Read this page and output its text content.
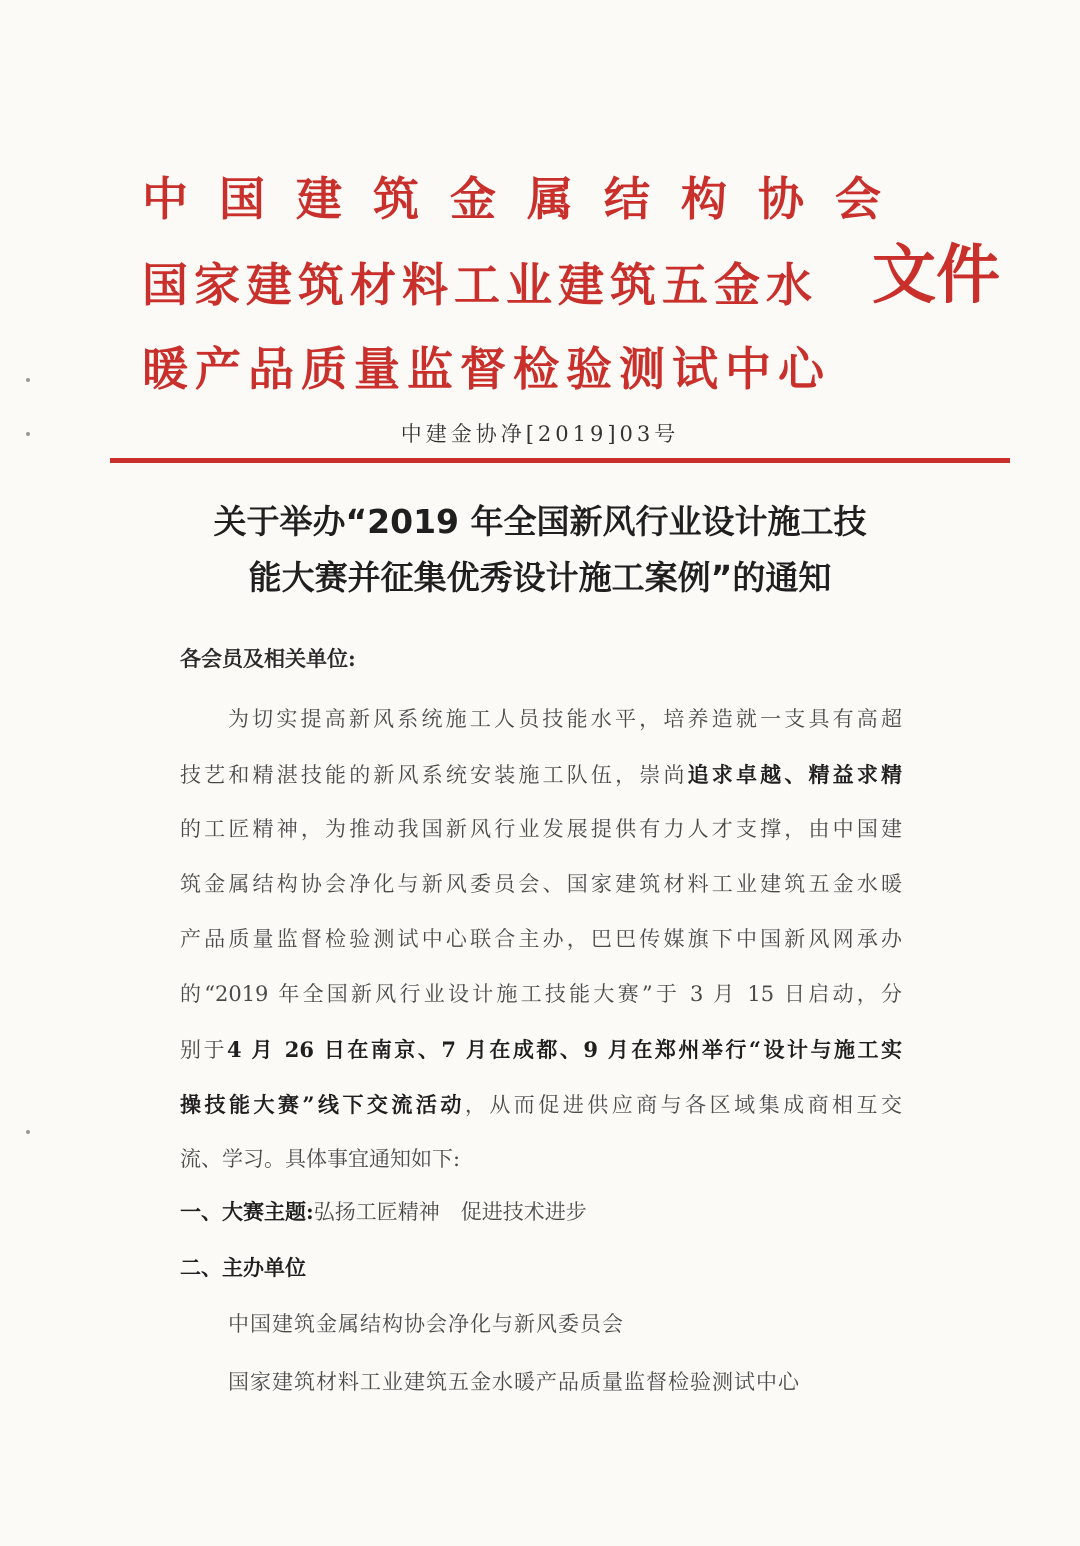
中国建筑金属结构协会
国家建筑材料工业建筑五金水
暖产品质量监督检验测试中心
文件
中建金协净[2019]03号
关于举办“2019 年全国新风行业设计施工技
能大赛并征集优秀设计施工案例”的通知
各会员及相关单位:
为切实提高新风系统施工人员技能水平，培养造就一支具有高超
技艺和精湛技能的新风系统安装施工队伍，崇尚追求卓越、精益求精
的工匠精神，为推动我国新风行业发展提供有力人才支撑，由中国建
筑金属结构协会净化与新风委员会、国家建筑材料工业建筑五金水暖
产品质量监督检验测试中心联合主办，巴巴传媒旗下中国新风网承办
的“2019 年全国新风行业设计施工技能大赛”于 3 月 15 日启动，分
别于4 月 26 日在南京、7 月在成都、9 月在郑州举行“设计与施工实
操技能大赛”线下交流活动，从而促进供应商与各区域集成商相互交
流、学习。具体事宜通知如下:
一、大赛主题:弘扬工匠精神　促进技术进步
二、主办单位
中国建筑金属结构协会净化与新风委员会
国家建筑材料工业建筑五金水暖产品质量监督检验测试中心
